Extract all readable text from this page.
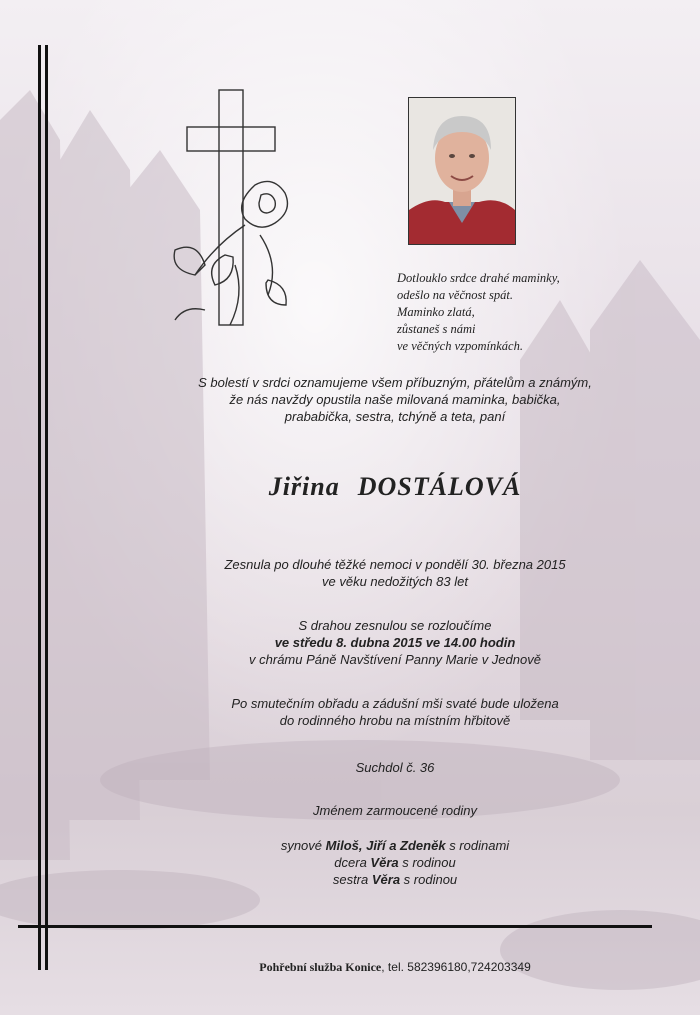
Dotlouklo srdce drahé maminky,
odešlo na věčnost spát.
Maminko zlatá,
zůstaneš s námi
ve věčných vzpomínkách.
S bolestí v srdci oznamujeme všem příbuzným, přátelům a známým,
že nás navždy opustila naše milovaná maminka, babička,
prababička, sestra, tchýně a teta, paní
Jiřina DOSTÁLOVÁ
Zesnula po dlouhé těžké nemoci v pondělí 30. března 2015
ve věku nedožitých 83 let
S drahou zesnulou se rozloučíme
ve středu 8. dubna 2015 ve 14.00 hodin
v chrámu Páně Navštívení Panny Marie v Jednově
Po smutečním obřadu a zádušní mši svaté bude uložena
do rodinného hrobu na místním hřbitově
Suchdol č. 36
Jménem zarmoucené rodiny
synové Miloš, Jiří a Zdeněk s rodinami
dcera Věra s rodinou
sestra Věra s rodinou
Pohřební služba Konice, tel. 582396180,724203349
